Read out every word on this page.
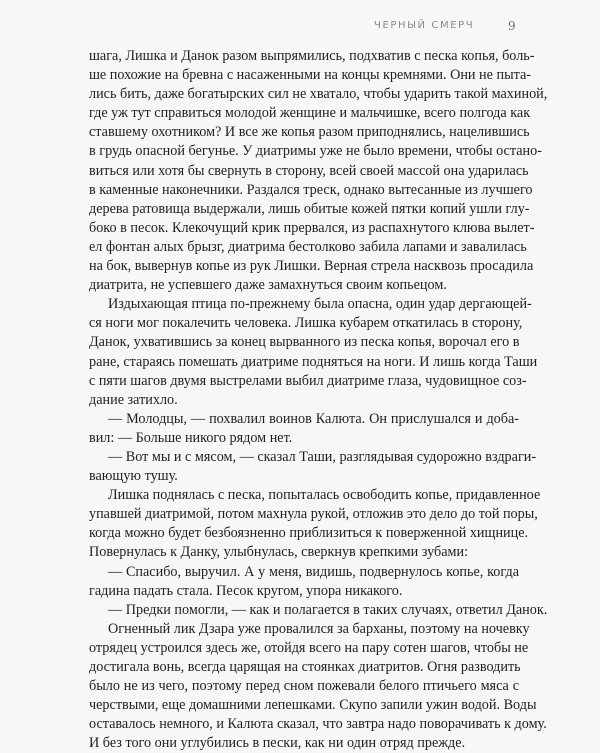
ЧЕРНЫЙ СМЕРЧ	9

шага, Лишка и Данок разом выпрямились, подхватив с песка копья, боль-
ше похожие на бревна с насаженными на концы кремнями. Они не пыта-
лись бить, даже богатырских сил не хватало, чтобы ударить такой махиной,
где уж тут справиться молодой женщине и мальчишке, всего полгода как
ставшему охотником? И все же копья разом приподнялись, нацелившись
в грудь опасной бегунье. У диатримы уже не было времени, чтобы остано-
виться или хотя бы свернуть в сторону, всей своей массой она ударилась
в каменные наконечники. Раздался треск, однако вытесанные из лучшего
дерева ратовища выдержали, лишь обитые кожей пятки копий ушли глу-
боко в песок. Клекочущий крик прервался, из распахнутого клюва вылет-
ел фонтан алых брызг, диатрима бестолково забила лапами и завалилась
на бок, вывернув копье из рук Лишки. Верная стрела насквозь просадила
диатрита, не успевшего даже замахнуться своим копьецом.

Издыхающая птица по-прежнему была опасна, один удар дергающей-
ся ноги мог покалечить человека. Лишка кубарем откатилась в сторону,
Данок, ухватившись за конец вырванного из песка копья, ворочал его в
ране, стараясь помешать диатриме подняться на ноги. И лишь когда Таши
с пяти шагов двумя выстрелами выбил диатриме глаза, чудовищное соз-
дание затихло.

— Молодцы, — похвалил воинов Калюта. Он прислушался и доба-
вил: — Больше никого рядом нет.

— Вот мы и с мясом, — сказал Таши, разглядывая судорожно вздраги-
вающую тушу.

Лишка поднялась с песка, попыталась освободить копье, придавленное
упавшей диатримой, потом махнула рукой, отложив это дело до той поры,
когда можно будет безбоязненно приблизиться к поверженной хищнице.
Повернулась к Данку, улыбнулась, сверкнув крепкими зубами:

— Спасибо, выручил. А у меня, видишь, подвернулось копье, когда
гадина падать стала. Песок кругом, упора никакого.

— Предки помогли, — как и полагается в таких случаях, ответил Данок.

Огненный лик Дзара уже провалился за барханы, поэтому на ночевку
отрядец устроился здесь же, отойдя всего на пару сотен шагов, чтобы не
достигала вонь, всегда царящая на стоянках диатритов. Огня разводить
было не из чего, поэтому перед сном пожевали белого птичьего мяса с
черствыми, еще домашними лепешками. Скупо запили ужин водой. Воды
оставалось немного, и Калюта сказал, что завтра надо поворачивать к дому.
И без того они углубились в пески, как ни один отряд прежде.
